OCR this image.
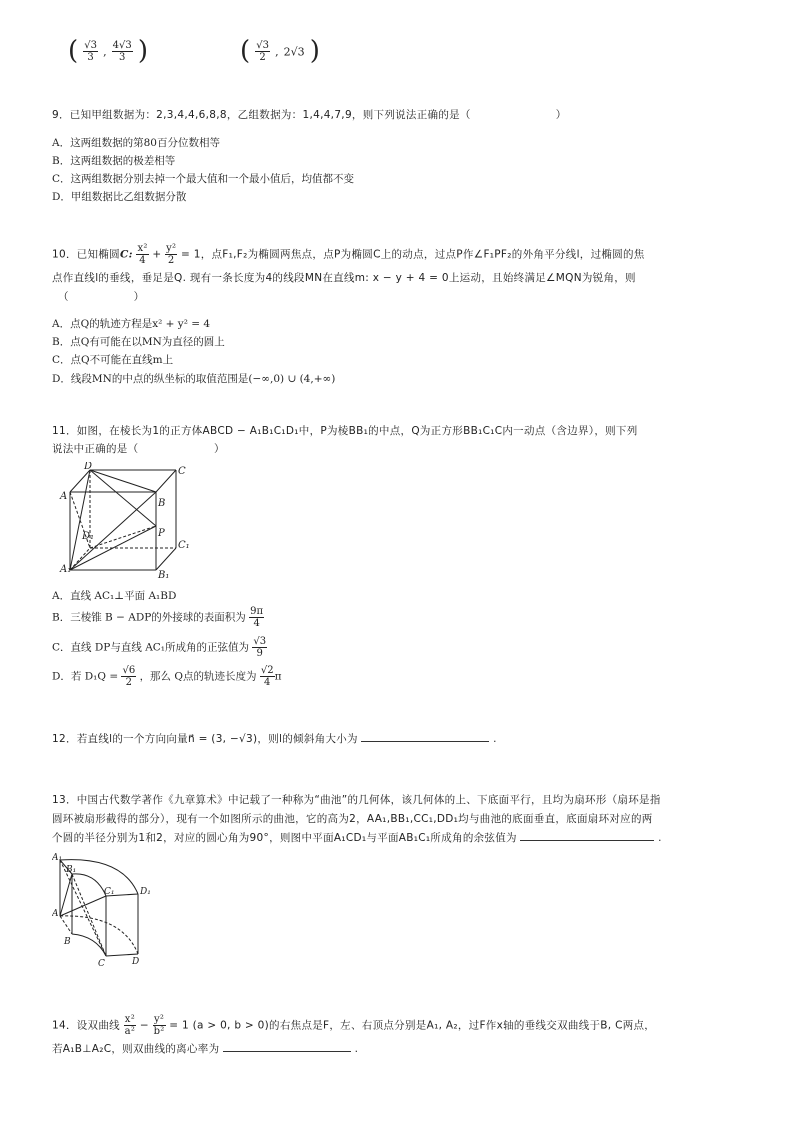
( $\frac{√3}{3}$ , $\frac{4√3}{3}$ )	( $\frac{√3}{2}$ , 2√3 )
9．已知甲组数据为：2,3,4,4,6,8,8，乙组数据为：1,4,4,7,9，则下列说法正确的是（	）
A．这两组数据的第80百分位数相等
B．这两组数据的极差相等
C．这两组数据分别去掉一个最大值和一个最小值后，均值都不变
D．甲组数据比乙组数据分散
10．已知椭圆C: $\frac{\text{x²}}{4} + \frac{\text{y²}}{2} = 1$，点F₁,F₂为椭圆两焦点，点P为椭圆C上的动点，过点P作∠F₁PF₂的外角平分线l，过椭圆的焦
点作直线l的垂线，垂足是Q. 现有一条长度为4的线段MN在直线m: x − y + 4 = 0上运动，且始终满足∠MQN为锐角，则
（　　　　　　）
A．点Q的轨迹方程是x² + y² = 4
B．点Q有可能在以MN为直径的圆上
C．点Q不可能在直线m上
D．线段MN的中点的纵坐标的取值范围是(−∞,0) ∪ (4,+∞)
11．如图，在棱长为1的正方体ABCD − A₁B₁C₁D₁中，P为棱BB₁的中点，Q为正方形BB₁C₁C内一动点（含边界），则下列
说法中正确的是（　　　　　　　）
D	C
A
B
D₁	P
C₁
A₁
B₁
A．直线 AC₁⊥平面 A₁BD
B．三棱锥 B − ADP的外接球的表面积为 $\frac{9\pi}{4}$
C．直线 DP与直线 AC₁所成角的正弦值为 $\frac{√3}{9}$
D．若 $D_1Q = \frac{√6}{2}$ ，那么 Q点的轨迹长度为 $\frac{√2}{4}$ π
12．若直线l的一个方向向量n⃗ = (3, −√3)，则l的倾斜角大小为	.
13．中国古代数学著作《九章算术》中记载了一种称为“曲池”的几何体，该几何体的上、下底面平行，且均为扇环形（扇环是指
圆环被扇形截得的部分），现有一个如图所示的曲池，它的高为2，AA₁,BB₁,CC₁,DD₁均与曲池的底面垂直，底面扇环对应的两
个圆的半径分别为1和2，对应的圆心角为90°，则图中平面A₁CD₁与平面AB₁C₁所成角的余弦值为	.
A₁
B₁
D₁
C₁
A
B
C	D
14．设双曲线 $\frac{\text{x²}}{\text{a²}} - \frac{\text{y²}}{\text{b²}} = 1$ (a > 0, b > 0)的右焦点是F，左、右顶点分别是A₁, A₂，过F作x轴的垂线交双曲线于B, C两点，
若A₁B⊥A₂C，则双曲线的离心率为	.
